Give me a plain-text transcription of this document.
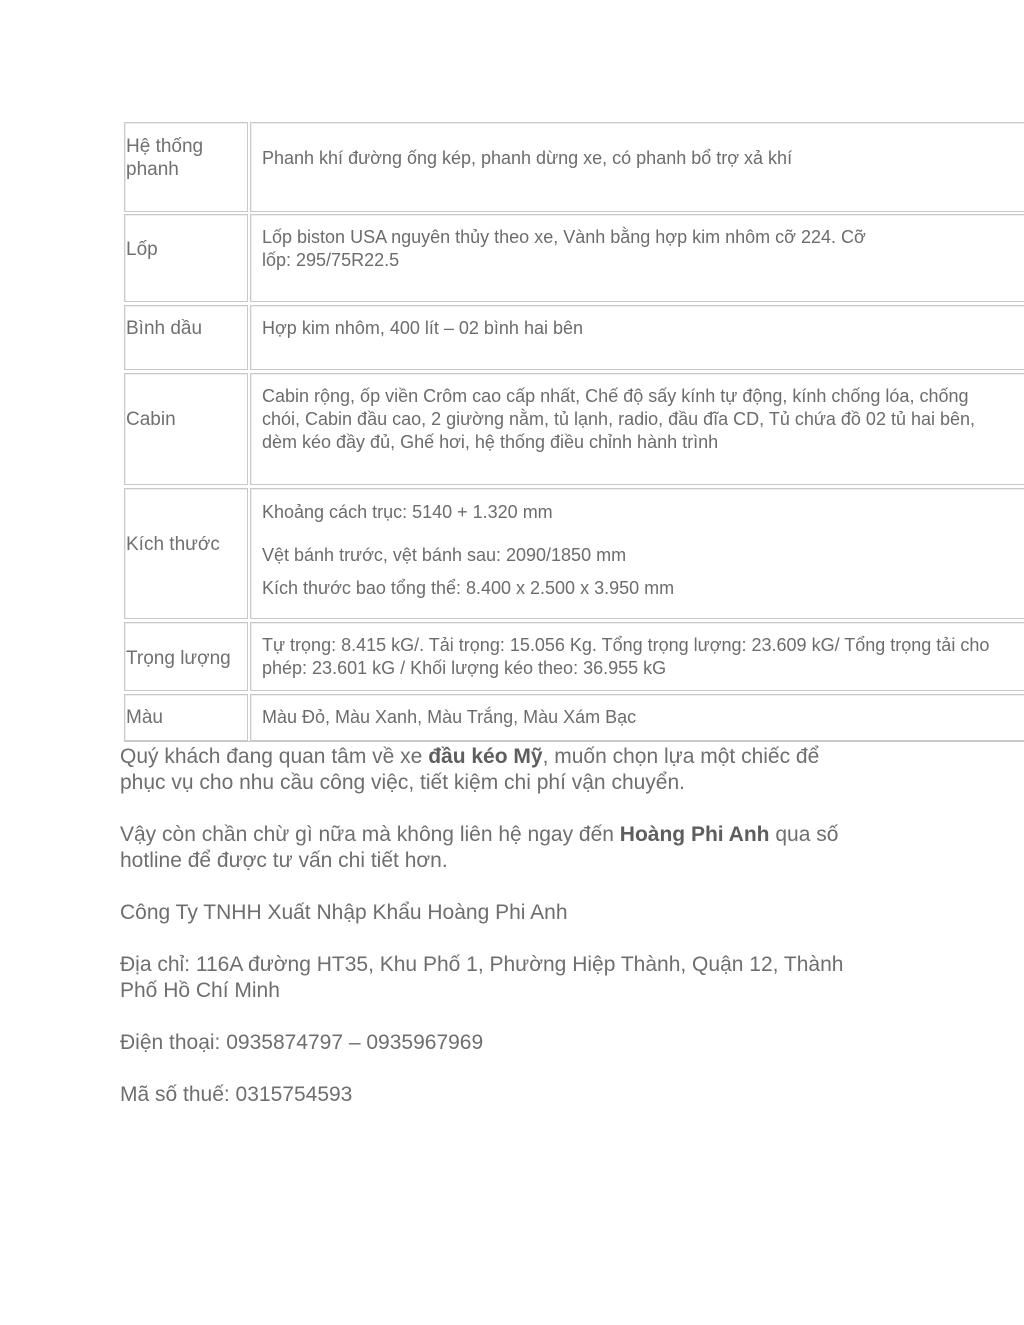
Hệ thống
phanh
Phanh khí đường ống kép, phanh dừng xe, có phanh bổ trợ xả khí
Lốp
Lốp biston USA nguyên thủy theo xe, Vành bằng hợp kim nhôm cỡ 224. Cỡ
lốp: 295/75R22.5
Bình dầu	Hợp kim nhôm, 400 lít – 02 bình hai bên
Cabin
Cabin rộng, ốp viền Crôm cao cấp nhất, Chế độ sấy kính tự động, kính chống lóa, chống
chói, Cabin đầu cao, 2 giường nằm, tủ lạnh, radio, đầu đĩa CD, Tủ chứa đồ 02 tủ hai bên,
dèm kéo đầy đủ, Ghế hơi, hệ thống điều chỉnh hành trình
Kích thước
Khoảng cách trục: 5140 + 1.320 mm
Vệt bánh trước, vệt bánh sau: 2090/1850 mm
Kích thước bao tổng thể: 8.400 x 2.500 x 3.950 mm
Trọng lượng
Tự trọng: 8.415 kG/. Tải trọng: 15.056 Kg. Tổng trọng lượng: 23.609 kG/ Tổng trọng tải cho
phép: 23.601 kG / Khối lượng kéo theo: 36.955 kG
Màu	Màu Đỏ, Màu Xanh, Màu Trắng, Màu Xám Bạc
Quý khách đang quan tâm về xe đầu kéo Mỹ, muốn chọn lựa một chiếc để
phục vụ cho nhu cầu công việc, tiết kiệm chi phí vận chuyển.
Vậy còn chần chừ gì nữa mà không liên hệ ngay đến Hoàng Phi Anh qua số
hotline để được tư vấn chi tiết hơn.
Công Ty TNHH Xuất Nhập Khẩu Hoàng Phi Anh
Địa chỉ: 116A đường HT35, Khu Phố 1, Phường Hiệp Thành, Quận 12, Thành
Phố Hồ Chí Minh
Điện thoại: 0935874797 – 0935967969
Mã số thuế: 0315754593
